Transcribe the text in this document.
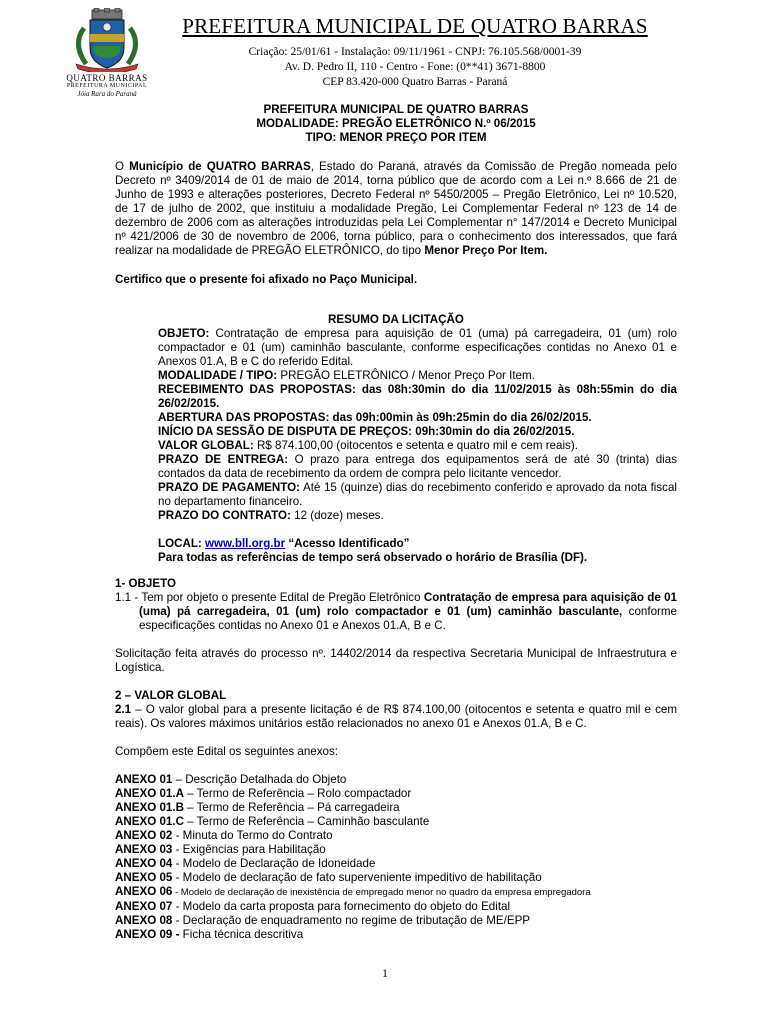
QUATRO BARRAS
PREFEITURA MUNICIPAL
Jóia Rara do Paraná
PREFEITURA MUNICIPAL DE QUATRO BARRAS
Criação: 25/01/61 - Instalação: 09/11/1961 - CNPJ: 76.105.568/0001-39
Av. D. Pedro II, 110 - Centro - Fone: (0**41) 3671-8800
CEP 83.420-000 Quatro Barras - Paraná
PREFEITURA MUNICIPAL DE QUATRO BARRAS
MODALIDADE: PREGÃO ELETRÔNICO N.º 06/2015
TIPO: MENOR PREÇO POR ITEM
O Município de QUATRO BARRAS, Estado do Paraná, através da Comissão de Pregão nomeada pelo Decreto nº 3409/2014 de 01 de maio de 2014, torna público que de acordo com a Lei n.º 8.666 de 21 de Junho de 1993 e alterações posteriores, Decreto Federal nº 5450/2005 – Pregão Eletrônico, Lei nº 10.520, de 17 de julho de 2002, que instituiu a modalidade Pregão, Lei Complementar Federal nº 123 de 14 de dezembro de 2006 com as alterações introduzidas pela Lei Complementar n° 147/2014 e Decreto Municipal nº 421/2006 de 30 de novembro de 2006, torna público, para o conhecimento dos interessados, que fará realizar na modalidade de PREGÃO ELETRÔNICO, do tipo Menor Preço Por Item.
Certifico que o presente foi afixado no Paço Municipal.
RESUMO DA LICITAÇÃO

OBJETO: Contratação de empresa para aquisição de 01 (uma) pá carregadeira, 01 (um) rolo compactador e 01 (um) caminhão basculante, conforme especificações contidas no Anexo 01 e Anexos 01.A, B e C do referido Edital.

MODALIDADE / TIPO: PREGÃO ELETRÔNICO / Menor Preço Por Item.

RECEBIMENTO DAS PROPOSTAS: das 08h:30min do dia 11/02/2015 às 08h:55min do dia 26/02/2015.

ABERTURA DAS PROPOSTAS: das 09h:00min às 09h:25min do dia 26/02/2015.

INÍCIO DA SESSÃO DE DISPUTA DE PREÇOS: 09h:30min do dia 26/02/2015.

VALOR GLOBAL: R$ 874.100,00 (oitocentos e setenta e quatro mil e cem reais).

PRAZO DE ENTREGA: O prazo para entrega dos equipamentos será de até 30 (trinta) dias contados da data de recebimento da ordem de compra pelo licitante vencedor.

PRAZO DE PAGAMENTO: Até 15 (quinze) dias do recebimento conferido e aprovado da nota fiscal no departamento financeiro.

PRAZO DO CONTRATO: 12 (doze) meses.

LOCAL: www.bll.org.br “Acesso Identificado”

Para todas as referências de tempo será observado o horário de Brasília (DF).

1- OBJETO
1.1 - Tem por objeto o presente Edital de Pregão Eletrônico Contratação de empresa para aquisição de 01 (uma) pá carregadeira, 01 (um) rolo compactador e 01 (um) caminhão basculante, conforme especificações contidas no Anexo 01 e Anexos 01.A, B e C.
Solicitação feita através do processo nº. 14402/2014 da respectiva Secretaria Municipal de Infraestrutura e Logística.
2 – VALOR GLOBAL
2.1 – O valor global para a presente licitação é de R$ 874.100,00 (oitocentos e setenta e quatro mil e cem reais). Os valores máximos unitários estão relacionados no anexo 01 e Anexos 01.A, B e C.
Compõem este Edital os seguintes anexos:
ANEXO 01 – Descrição Detalhada do Objeto
ANEXO 01.A – Termo de Referência – Rolo compactador
ANEXO 01.B – Termo de Referência – Pá carregadeira
ANEXO 01.C – Termo de Referência – Caminhão basculante
ANEXO 02 - Minuta do Termo do Contrato
ANEXO 03 - Exigências para Habilitação
ANEXO 04 - Modelo de Declaração de Idoneidade
ANEXO 05 - Modelo de declaração de fato superveniente impeditivo de habilitação
ANEXO 06 - Modelo de declaração de inexistência de empregado menor no quadro da empresa empregadora
ANEXO 07 - Modelo da carta proposta para fornecimento do objeto do Edital
ANEXO 08 - Declaração de enquadramento no regime de tributação de ME/EPP
ANEXO 09 - Ficha técnica descritiva
1
